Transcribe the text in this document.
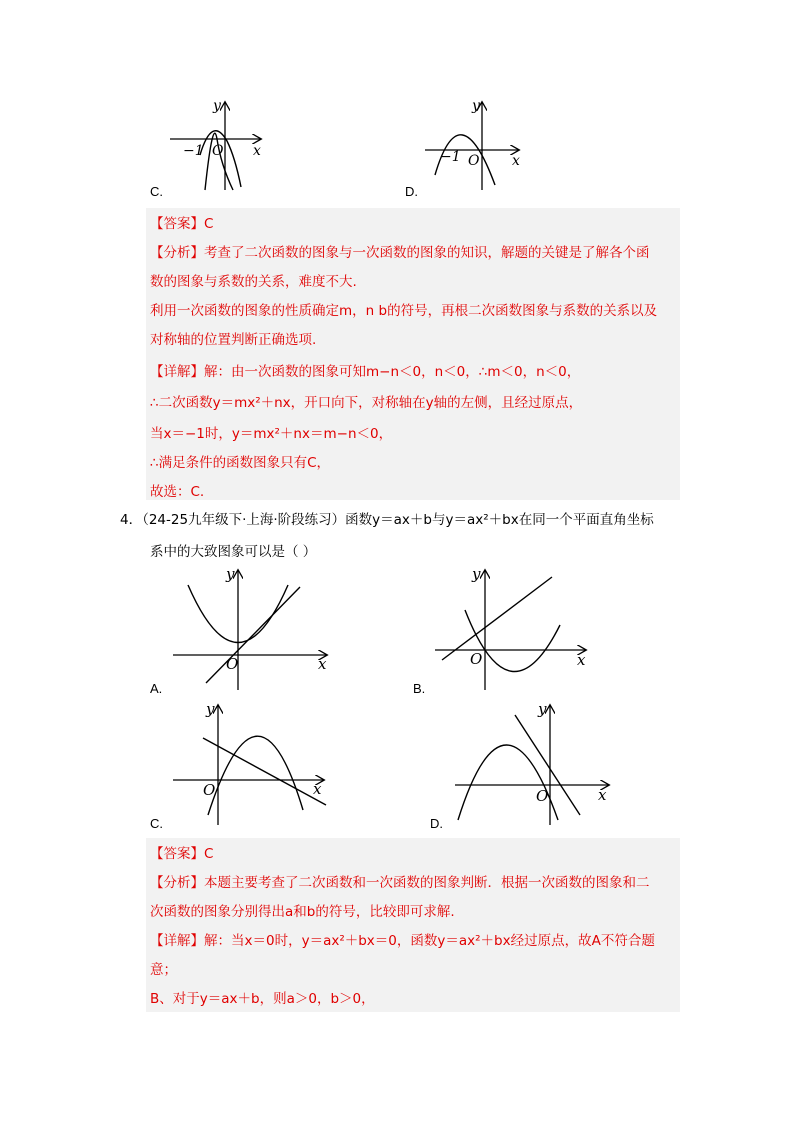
y
x
O
−1
C.
y
x
O
−1
D.
【答案】C
【分析】考查了二次函数的图象与一次函数的图象的知识，解题的关键是了解各个函
数的图象与系数的关系，难度不大.
利用一次函数的图象的性质确定m，n b的符号，再根二次函数图象与系数的关系以及
对称轴的位置判断正确选项.
【详解】解：由一次函数的图象可知m−n＜0，n＜0，∴m＜0，n＜0，
∴二次函数y＝mx²＋nx，开口向下，对称轴在y轴的左侧，且经过原点，
当x＝−1时，y＝mx²＋nx＝m−n＜0，
∴满足条件的函数图象只有C，
故选：C.
4．（24-25九年级下·上海·阶段练习）函数y＝ax＋b与y＝ax²＋bx在同一个平面直角坐标
系中的大致图象可以是（ ）
y
x
O
A.
y
x
O
B.
y
x
O
C.
y
x
O
D.
【答案】C
【分析】本题主要考查了二次函数和一次函数的图象判断．根据一次函数的图象和二
次函数的图象分别得出a和b的符号，比较即可求解.
【详解】解：当x＝0时，y＝ax²＋bx＝0，函数y＝ax²＋bx经过原点，故A不符合题
意；
B、对于y＝ax＋b，则a＞0，b＞0，
